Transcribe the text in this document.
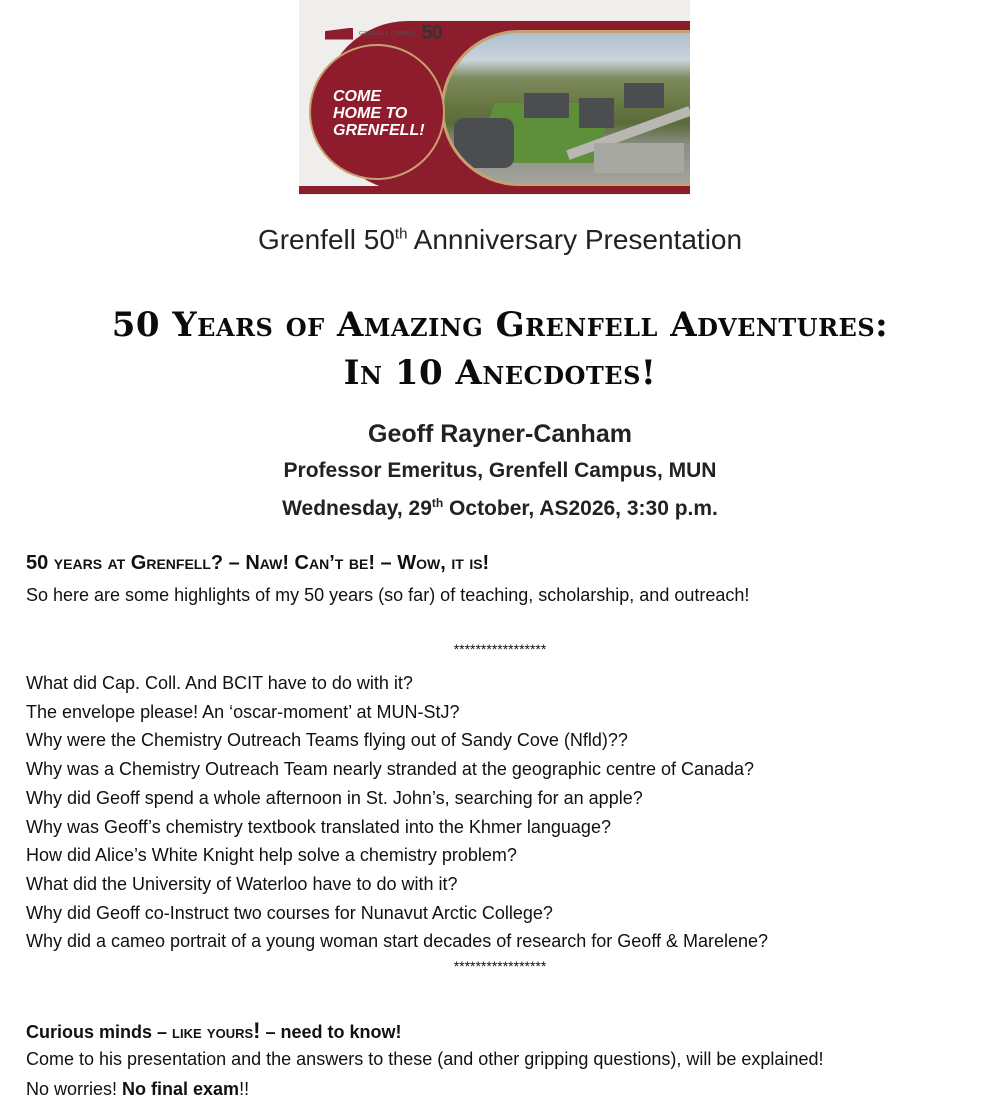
GRENFELL CAMPUS 50
COME
HOME TO
GRENFELL!
Grenfell 50th Annniversary Presentation
50 Years of Amazing Grenfell Adventures:
In 10 Anecdotes!
Geoff Rayner-Canham
Professor Emeritus, Grenfell Campus, MUN
Wednesday, 29th October, AS2026, 3:30 p.m.
50 years at Grenfell? – Naw! Can’t be! – Wow, it is!
So here are some highlights of my 50 years (so far) of teaching, scholarship, and outreach!
*****************
What did Cap. Coll. And BCIT have to do with it?
The envelope please! An ‘oscar-moment’ at MUN-StJ?
Why were the Chemistry Outreach Teams flying out of Sandy Cove (Nfld)??
Why was a Chemistry Outreach Team nearly stranded at the geographic centre of Canada?
Why did Geoff spend a whole afternoon in St. John’s, searching for an apple?
Why was Geoff’s chemistry textbook translated into the Khmer language?
How did Alice’s White Knight help solve a chemistry problem?
What did the University of Waterloo have to do with it?
Why did Geoff co-Instruct two courses for Nunavut Arctic College?
Why did a cameo portrait of a young woman start decades of research for Geoff & Marelene?
*****************
Curious minds – like yours! – need to know!
Come to his presentation and the answers to these (and other gripping questions), will be explained!
No worries! No final exam!!
